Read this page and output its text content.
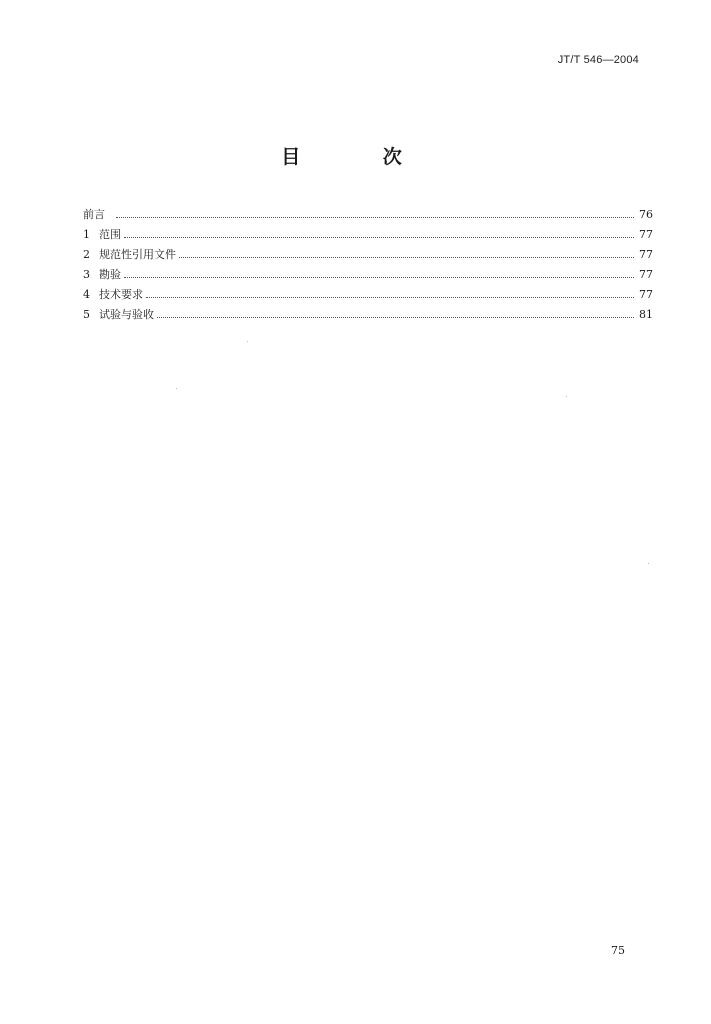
JT/T 546—2004
目 次
前言	76
1 范围	77
2 规范性引用文件	77
3 勘验	77
4 技术要求	77
5 试验与验收	81
75
